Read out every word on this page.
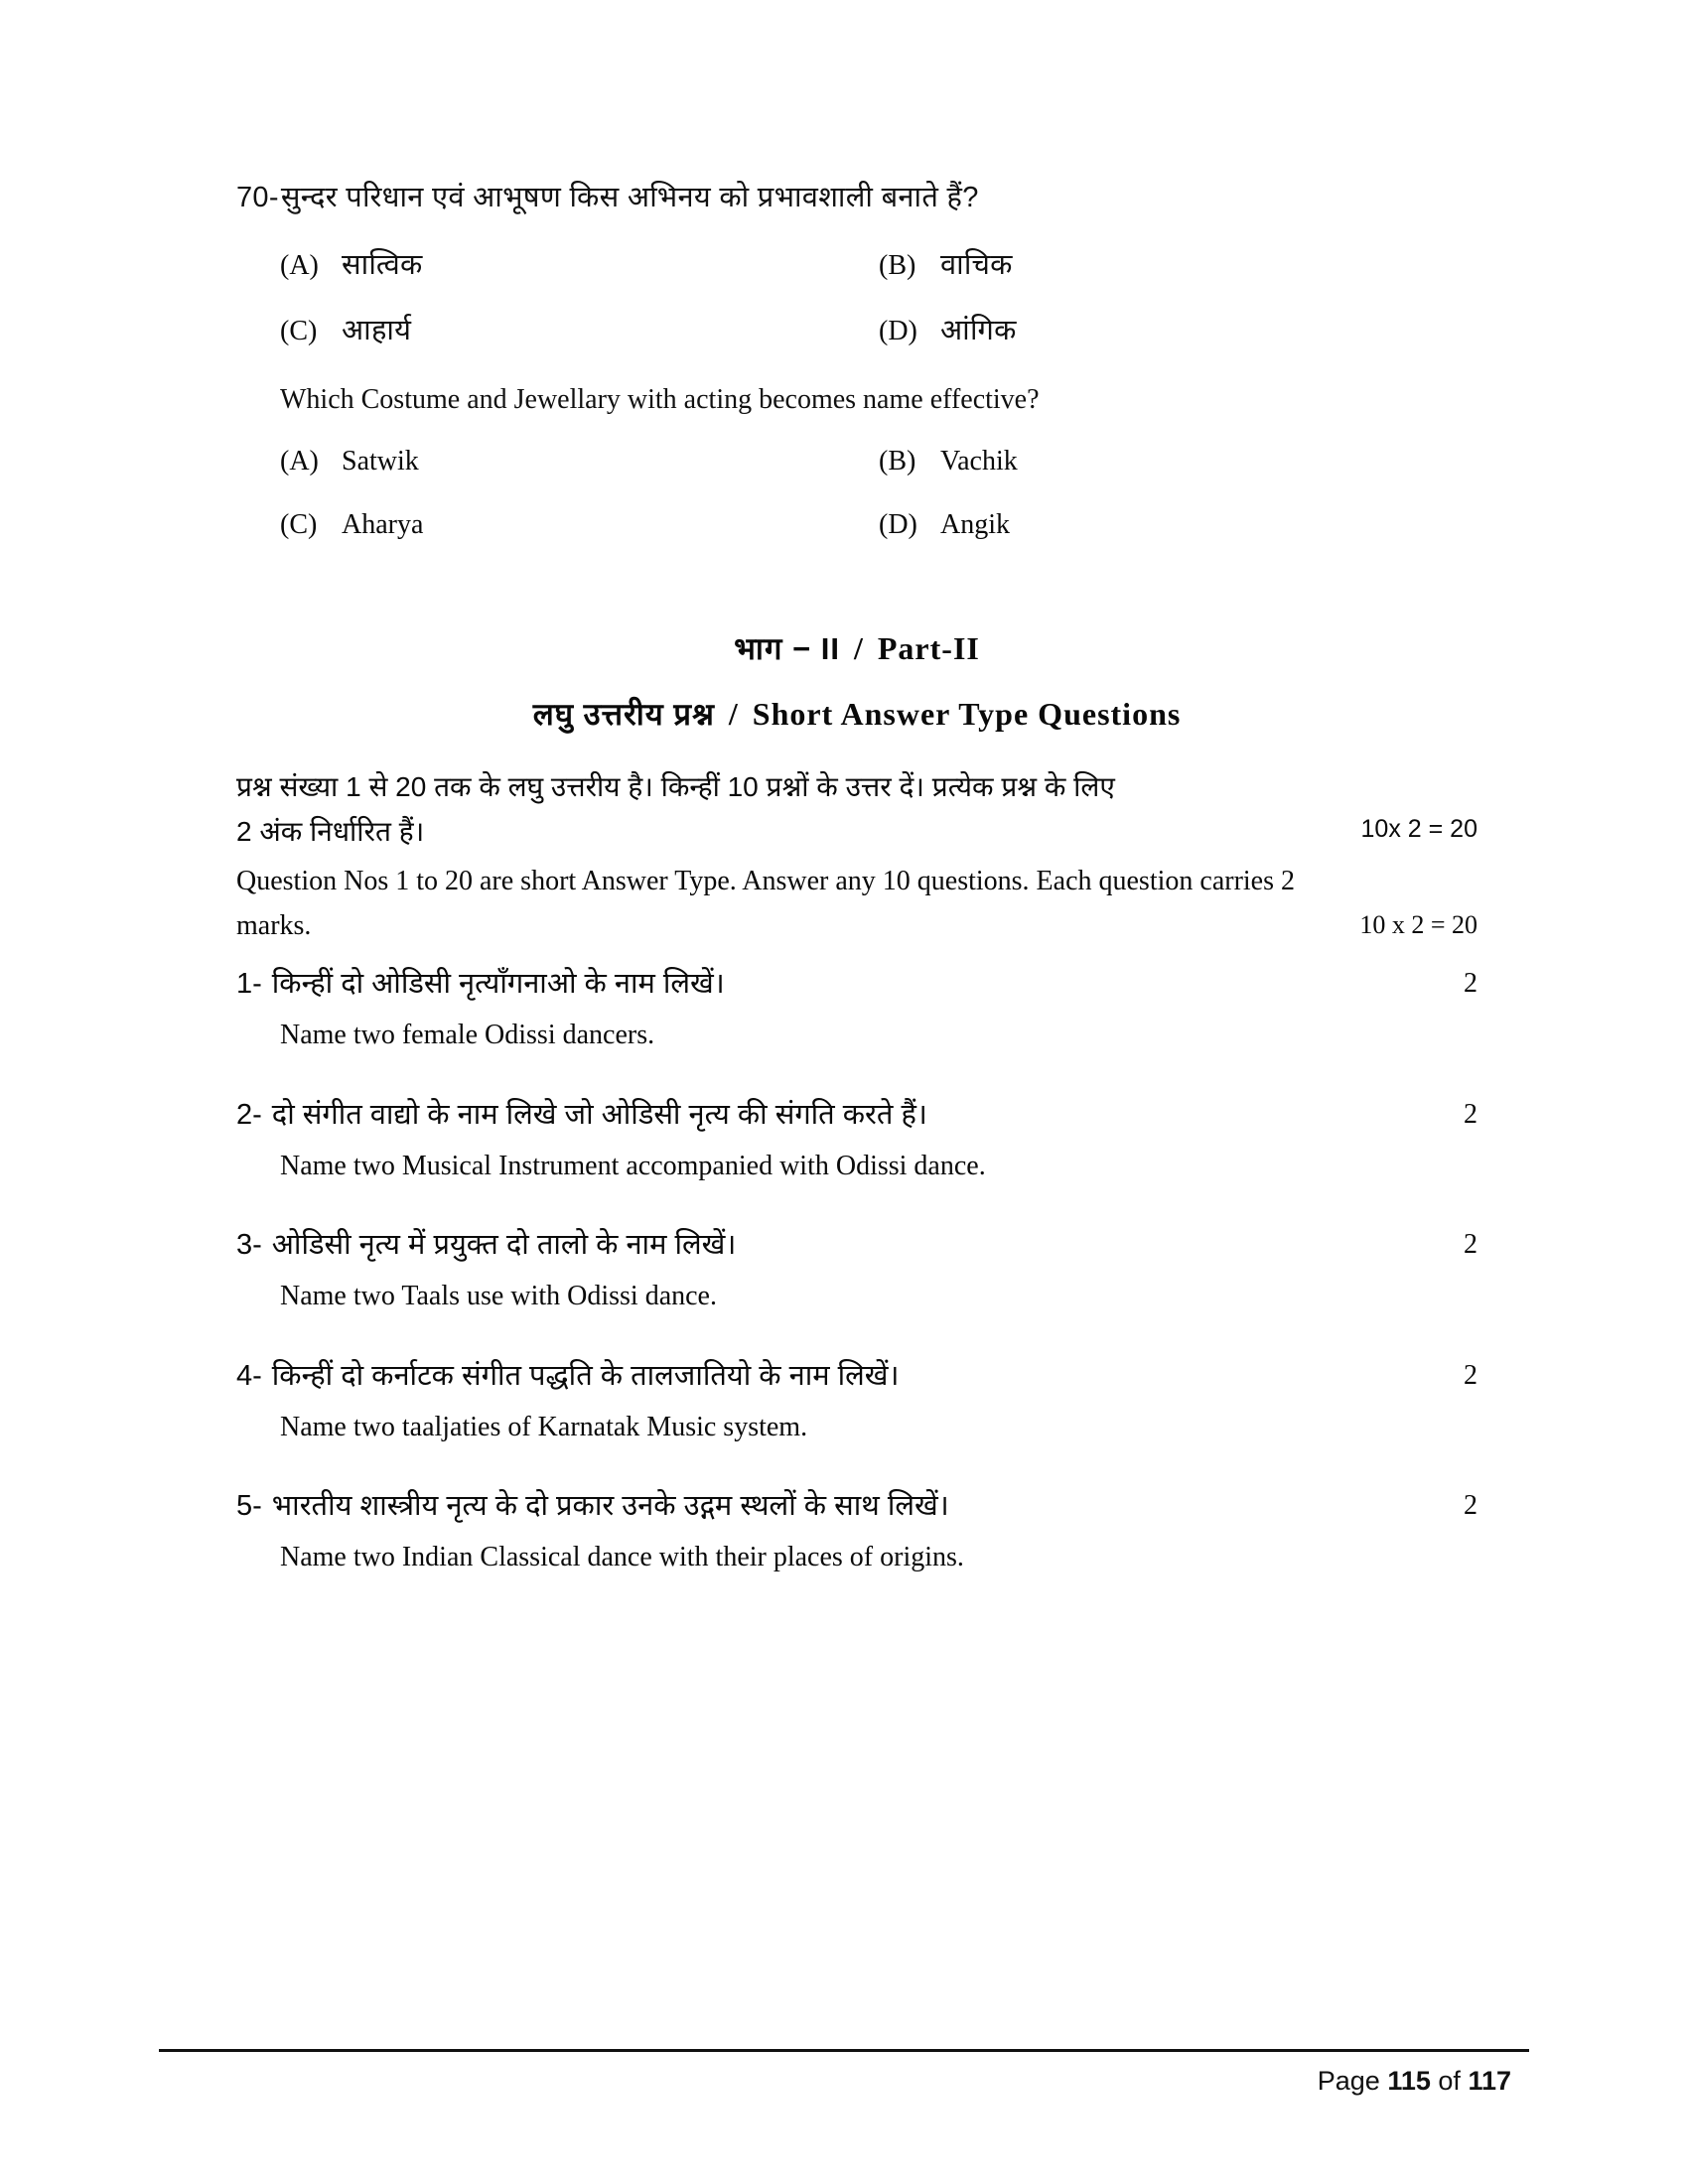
70- सुन्दर परिधान एवं आभूषण किस अभिनय को प्रभावशाली बनाते हैं?
(A) सात्विक	(B) वाचिक
(C) आहार्य	(D) आंगिक
Which Costume and Jewellary with acting becomes name effective?
(A) Satwik	(B) Vachik
(C) Aharya	(D) Angik
भाग − II / Part-II
लघु उत्तरीय प्रश्न / Short Answer Type Questions
प्रश्न संख्या 1 से 20 तक के लघु उत्तरीय है। किन्हीं 10 प्रश्नों के उत्तर दें। प्रत्येक प्रश्न के लिए
2 अंक निर्धारित हैं।	10x 2 = 20
Question Nos 1 to 20 are short Answer Type. Answer any 10 questions. Each question carries 2
marks.	10 x 2 = 20
1- किन्हीं दो ओडिसी नृत्याँगनाओ के नाम लिखें।	2
Name two female Odissi dancers.
2- दो संगीत वाद्यो के नाम लिखे जो ओडिसी नृत्य की संगति करते हैं।	2
Name two Musical Instrument accompanied with Odissi dance.
3- ओडिसी नृत्य में प्रयुक्त दो तालो के नाम लिखें।	2
Name two Taals use with Odissi dance.
4- किन्हीं दो कर्नाटक संगीत पद्धति के तालजातियो के नाम लिखें।	2
Name two taaljaties of Karnatak Music system.
5- भारतीय शास्त्रीय नृत्य के दो प्रकार उनके उद्गम स्थलों के साथ लिखें।	2
Name two Indian Classical dance with their places of origins.
Page 115 of 117
